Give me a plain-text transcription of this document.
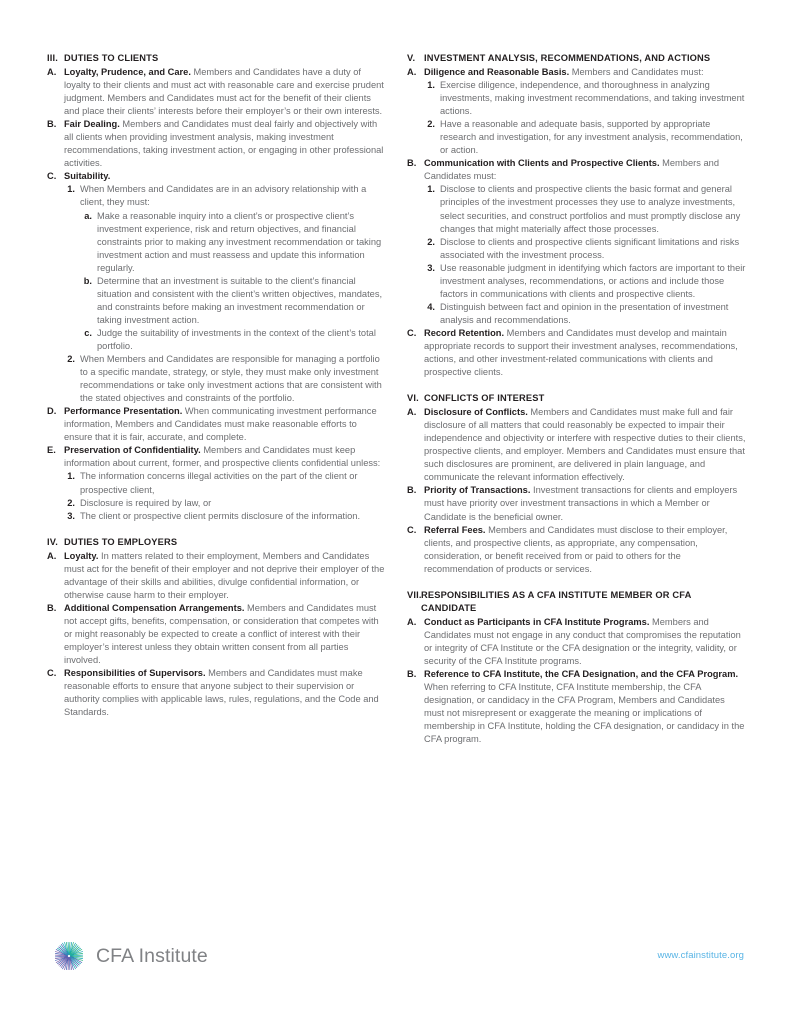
III. DUTIES TO CLIENTS
A. Loyalty, Prudence, and Care. Members and Candidates have a duty of loyalty to their clients and must act with reasonable care and exercise prudent judgment. Members and Candidates must act for the benefit of their clients and place their clients’ interests before their employer’s or their own interests.
B. Fair Dealing. Members and Candidates must deal fairly and objectively with all clients when providing investment analysis, making investment recommendations, taking investment action, or engaging in other professional activities.
C. Suitability.
1. When Members and Candidates are in an advisory relationship with a client, they must:
a. Make a reasonable inquiry into a client’s or prospective client’s investment experience, risk and return objectives, and financial constraints prior to making any investment recommendation or taking investment action and must reassess and update this information regularly.
b. Determine that an investment is suitable to the client’s financial situation and consistent with the client’s written objectives, mandates, and constraints before making an investment recommendation or taking investment action.
c. Judge the suitability of investments in the context of the client’s total portfolio.
2. When Members and Candidates are responsible for managing a portfolio to a specific mandate, strategy, or style, they must make only investment recommendations or take only investment actions that are consistent with the stated objectives and constraints of the portfolio.
D. Performance Presentation. When communicating investment performance information, Members and Candidates must make reasonable efforts to ensure that it is fair, accurate, and complete.
E. Preservation of Confidentiality. Members and Candidates must keep information about current, former, and prospective clients confidential unless:
1. The information concerns illegal activities on the part of the client or prospective client,
2. Disclosure is required by law, or
3. The client or prospective client permits disclosure of the information.
IV. DUTIES TO EMPLOYERS
A. Loyalty. In matters related to their employment, Members and Candidates must act for the benefit of their employer and not deprive their employer of the advantage of their skills and abilities, divulge confidential information, or otherwise cause harm to their employer.
B. Additional Compensation Arrangements. Members and Candidates must not accept gifts, benefits, compensation, or consideration that competes with or might reasonably be expected to create a conflict of interest with their employer’s interest unless they obtain written consent from all parties involved.
C. Responsibilities of Supervisors. Members and Candidates must make reasonable efforts to ensure that anyone subject to their supervision or authority complies with applicable laws, rules, regulations, and the Code and Standards.
V. INVESTMENT ANALYSIS, RECOMMENDATIONS, AND ACTIONS
A. Diligence and Reasonable Basis. Members and Candidates must:
1. Exercise diligence, independence, and thoroughness in analyzing investments, making investment recommendations, and taking investment actions.
2. Have a reasonable and adequate basis, supported by appropriate research and investigation, for any investment analysis, recommendation, or action.
B. Communication with Clients and Prospective Clients. Members and Candidates must:
1. Disclose to clients and prospective clients the basic format and general principles of the investment processes they use to analyze investments, select securities, and construct portfolios and must promptly disclose any changes that might materially affect those processes.
2. Disclose to clients and prospective clients significant limitations and risks associated with the investment process.
3. Use reasonable judgment in identifying which factors are important to their investment analyses, recommendations, or actions and include those factors in communications with clients and prospective clients.
4. Distinguish between fact and opinion in the presentation of investment analysis and recommendations.
C. Record Retention. Members and Candidates must develop and maintain appropriate records to support their investment analyses, recommendations, actions, and other investment-related communications with clients and prospective clients.
VI. CONFLICTS OF INTEREST
A. Disclosure of Conflicts. Members and Candidates must make full and fair disclosure of all matters that could reasonably be expected to impair their independence and objectivity or interfere with respective duties to their clients, prospective clients, and employer. Members and Candidates must ensure that such disclosures are prominent, are delivered in plain language, and communicate the relevant information effectively.
B. Priority of Transactions. Investment transactions for clients and employers must have priority over investment transactions in which a Member or Candidate is the beneficial owner.
C. Referral Fees. Members and Candidates must disclose to their employer, clients, and prospective clients, as appropriate, any compensation, consideration, or benefit received from or paid to others for the recommendation of products or services.
VII. RESPONSIBILITIES AS A CFA INSTITUTE MEMBER OR CFA CANDIDATE
A. Conduct as Participants in CFA Institute Programs. Members and Candidates must not engage in any conduct that compromises the reputation or integrity of CFA Institute or the CFA designation or the integrity, validity, or security of the CFA Institute programs.
B. Reference to CFA Institute, the CFA Designation, and the CFA Program. When referring to CFA Institute, CFA Institute membership, the CFA designation, or candidacy in the CFA Program, Members and Candidates must not misrepresent or exaggerate the meaning or implications of membership in CFA Institute, holding the CFA designation, or candidacy in the CFA program.
CFA Institute	www.cfainstitute.org
